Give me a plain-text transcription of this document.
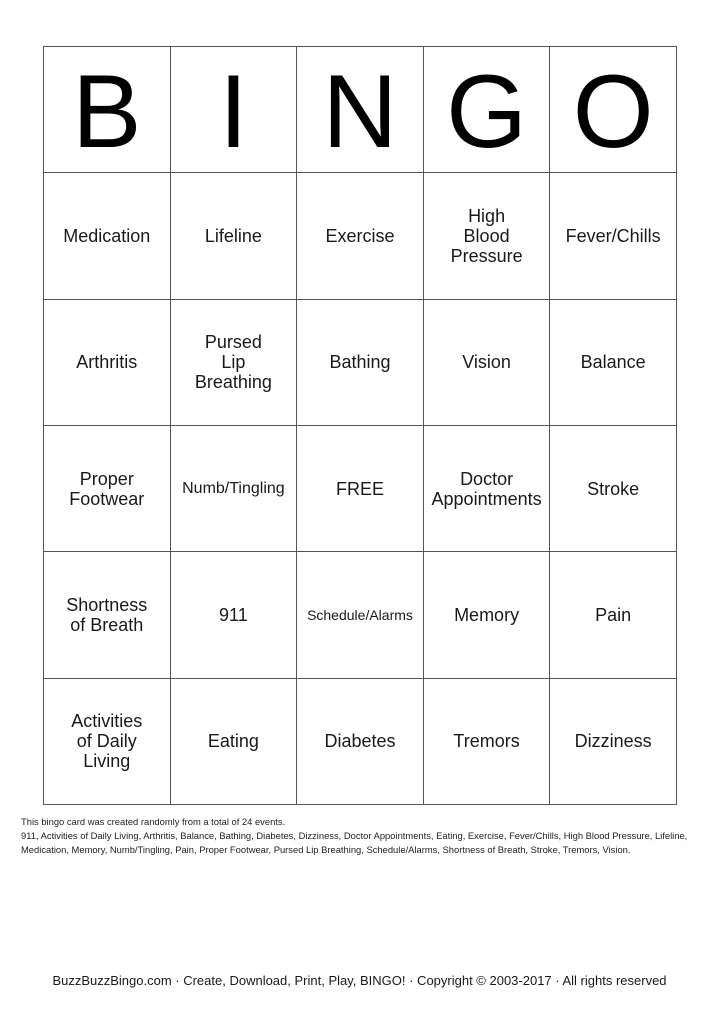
B	I	N	G	O

Medication	Lifeline	Exercise	High
Blood
Pressure	Fever/Chills

Arthritis	Pursed
Lip
Breathing	Bathing	Vision	Balance

Proper
Footwear	Numb/Tingling	FREE	Doctor
Appointments	Stroke

Shortness
of Breath	911	Schedule/Alarms	Memory	Pain

Activities
of Daily
Living	Eating	Diabetes	Tremors	Dizziness

This bingo card was created randomly from a total of 24 events.

911, Activities of Daily Living, Arthritis, Balance, Bathing, Diabetes, Dizziness, Doctor Appointments, Eating, Exercise, Fever/Chills, High Blood Pressure, Lifeline,

Medication, Memory, Numb/Tingling, Pain, Proper Footwear, Pursed Lip Breathing, Schedule/Alarms, Shortness of Breath, Stroke, Tremors, Vision.

BuzzBuzzBingo.com · Create, Download, Print, Play, BINGO! · Copyright © 2003-2017 · All rights reserved
